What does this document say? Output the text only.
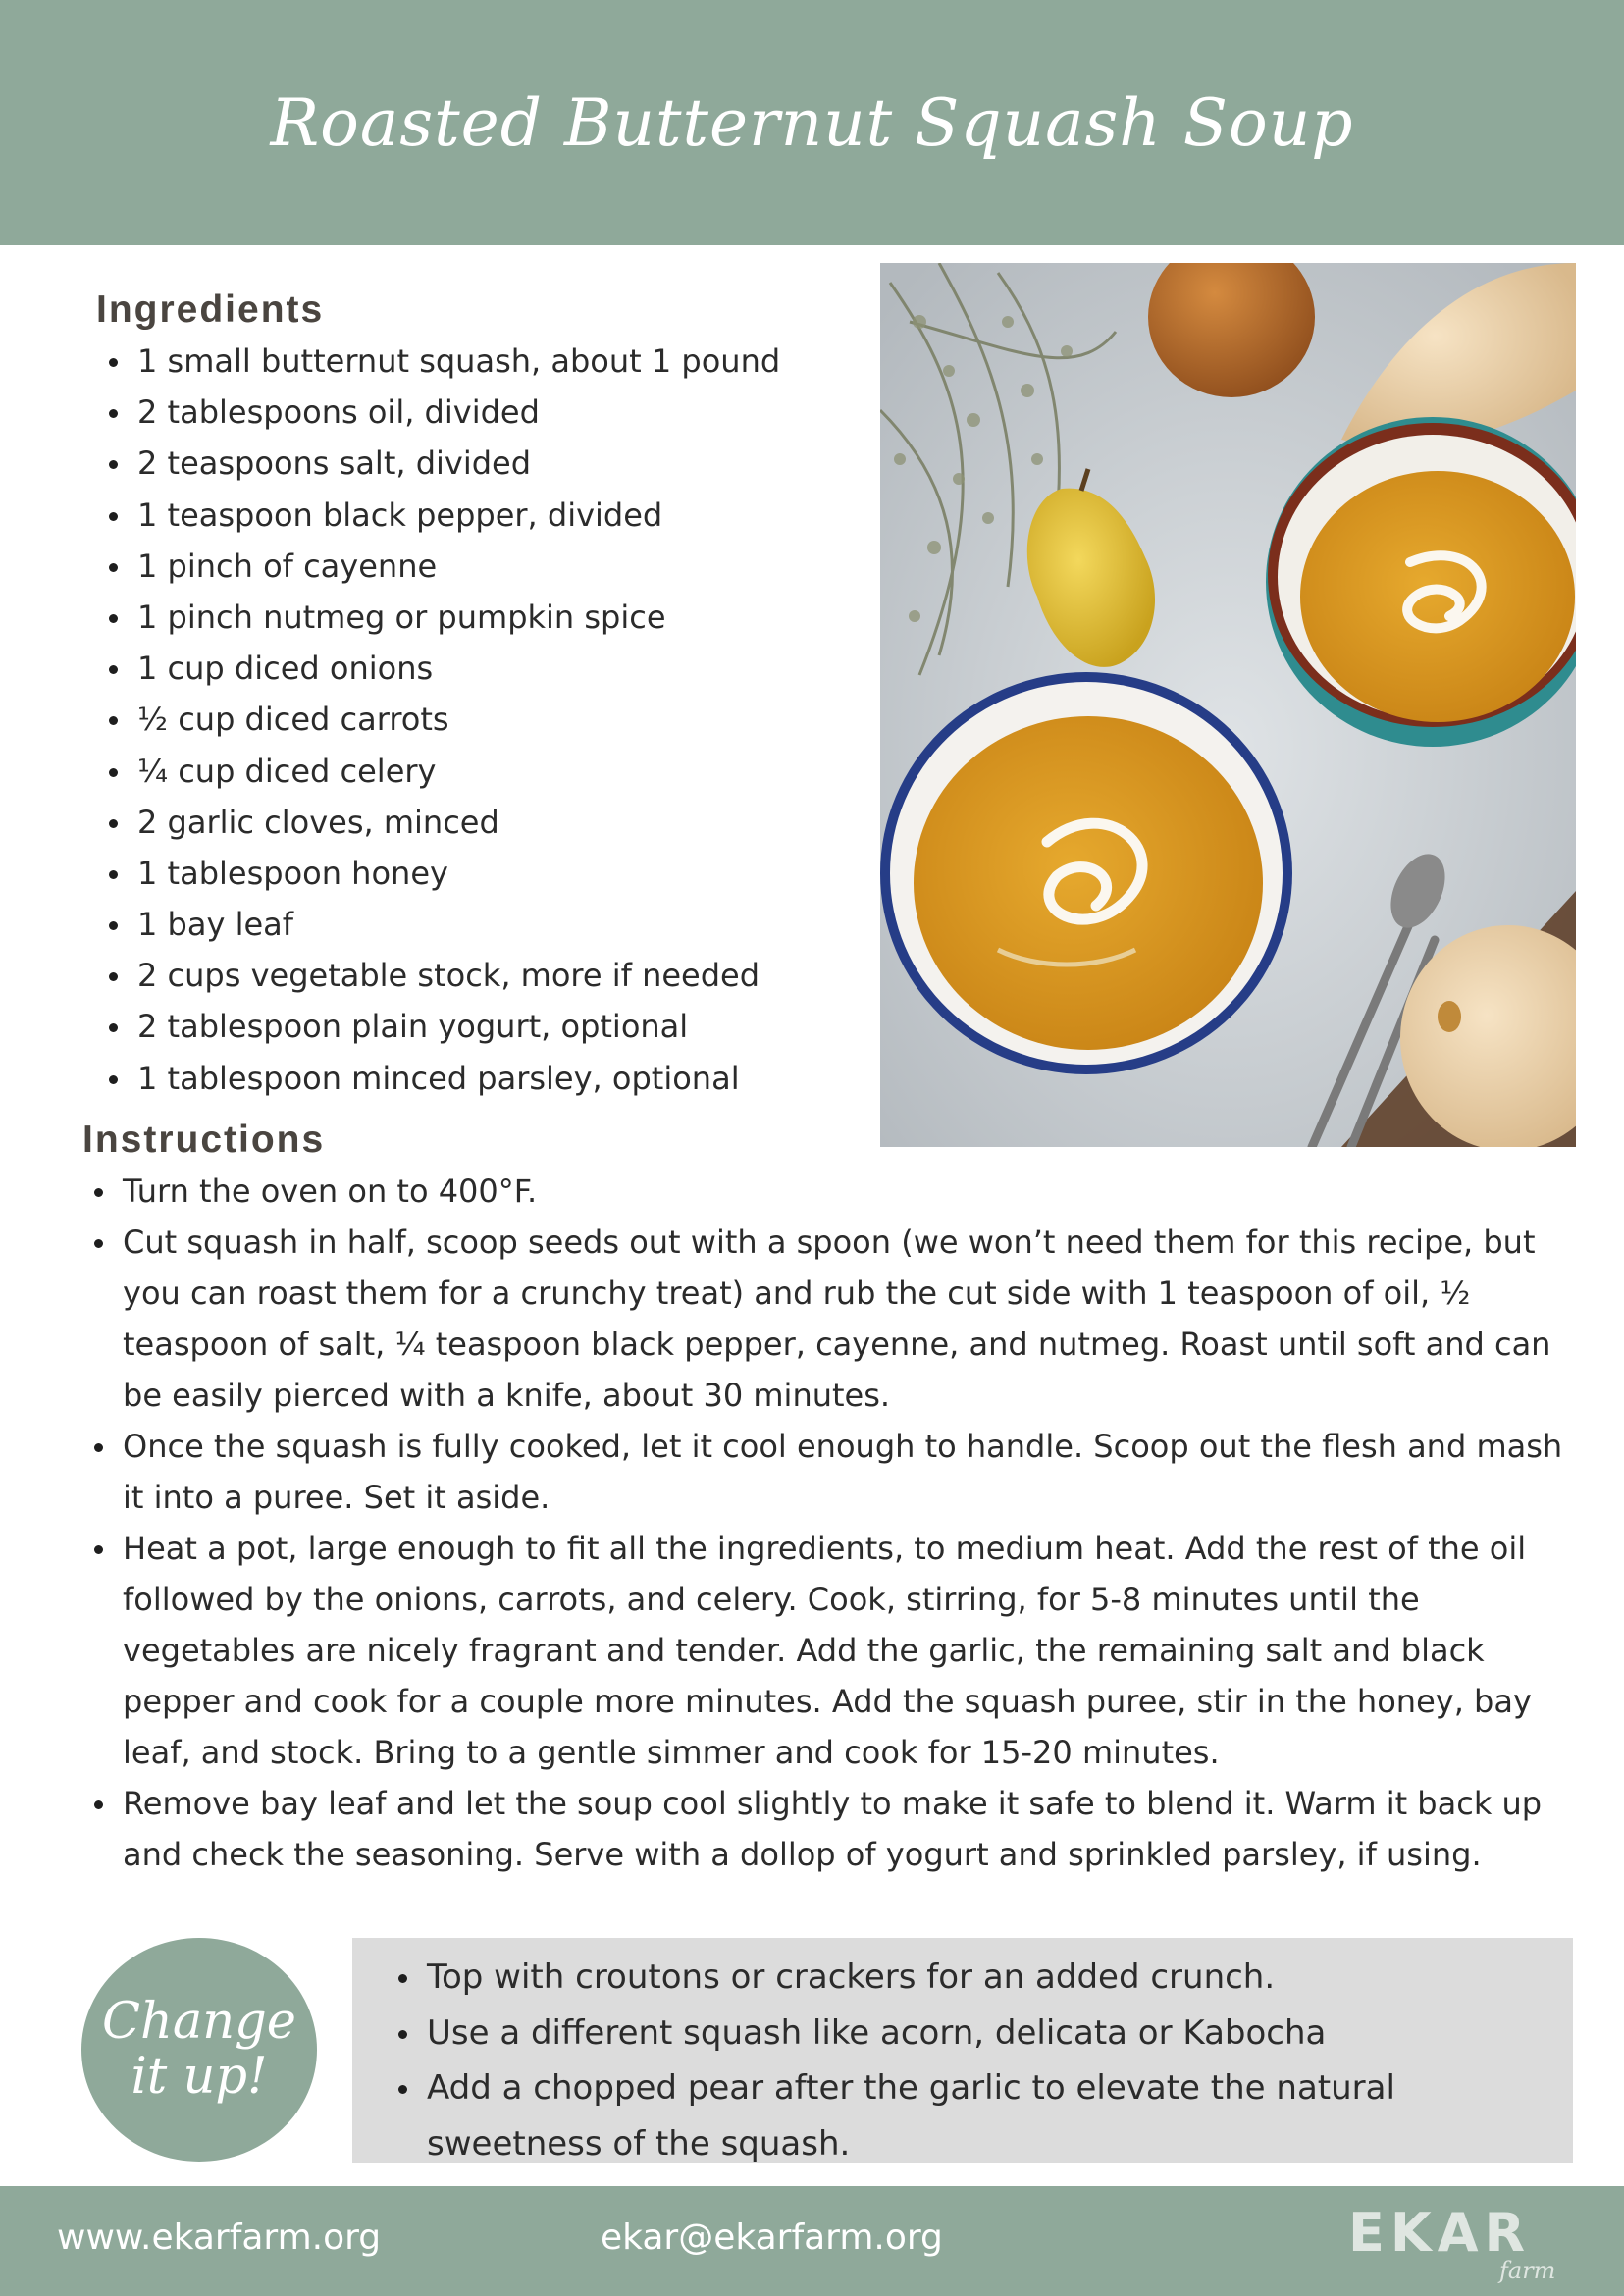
Roasted Butternut Squash Soup
Ingredients
1 small butternut squash, about 1 pound
2 tablespoons oil, divided
2 teaspoons salt, divided
1 teaspoon black pepper, divided
1 pinch of cayenne
1 pinch nutmeg or pumpkin spice
1 cup diced onions
½ cup diced carrots
¼ cup diced celery
2 garlic cloves, minced
1 tablespoon honey
1 bay leaf
2 cups vegetable stock, more if needed
2 tablespoon plain yogurt, optional
1 tablespoon minced parsley, optional
Instructions
Turn the oven on to 400°F.
Cut squash in half, scoop seeds out with a spoon (we won’t need them for this recipe, but you can roast them for a crunchy treat) and rub the cut side with 1 teaspoon of oil, ½ teaspoon of salt, ¼ teaspoon black pepper, cayenne, and nutmeg. Roast until soft and can be easily pierced with a knife, about 30 minutes.
Once the squash is fully cooked, let it cool enough to handle. Scoop out the flesh and mash it into a puree. Set it aside.
Heat a pot, large enough to fit all the ingredients, to medium heat. Add the rest of the oil followed by the onions, carrots, and celery. Cook, stirring, for 5-8 minutes until the vegetables are nicely fragrant and tender. Add the garlic, the remaining salt and black pepper and cook for a couple more minutes. Add the squash puree, stir in the honey, bay leaf, and stock. Bring to a gentle simmer and cook for 15-20 minutes.
Remove bay leaf and let the soup cool slightly to make it safe to blend it. Warm it back up and check the seasoning. Serve with a dollop of yogurt and sprinkled parsley, if using.
Change
it up!
Top with croutons or crackers for an added crunch.
Use a different squash like acorn, delicata or Kabocha
Add a chopped pear after the garlic to elevate the natural sweetness of the squash.
www.ekarfarm.org	ekar@ekarfarm.org	EKAR
farm
